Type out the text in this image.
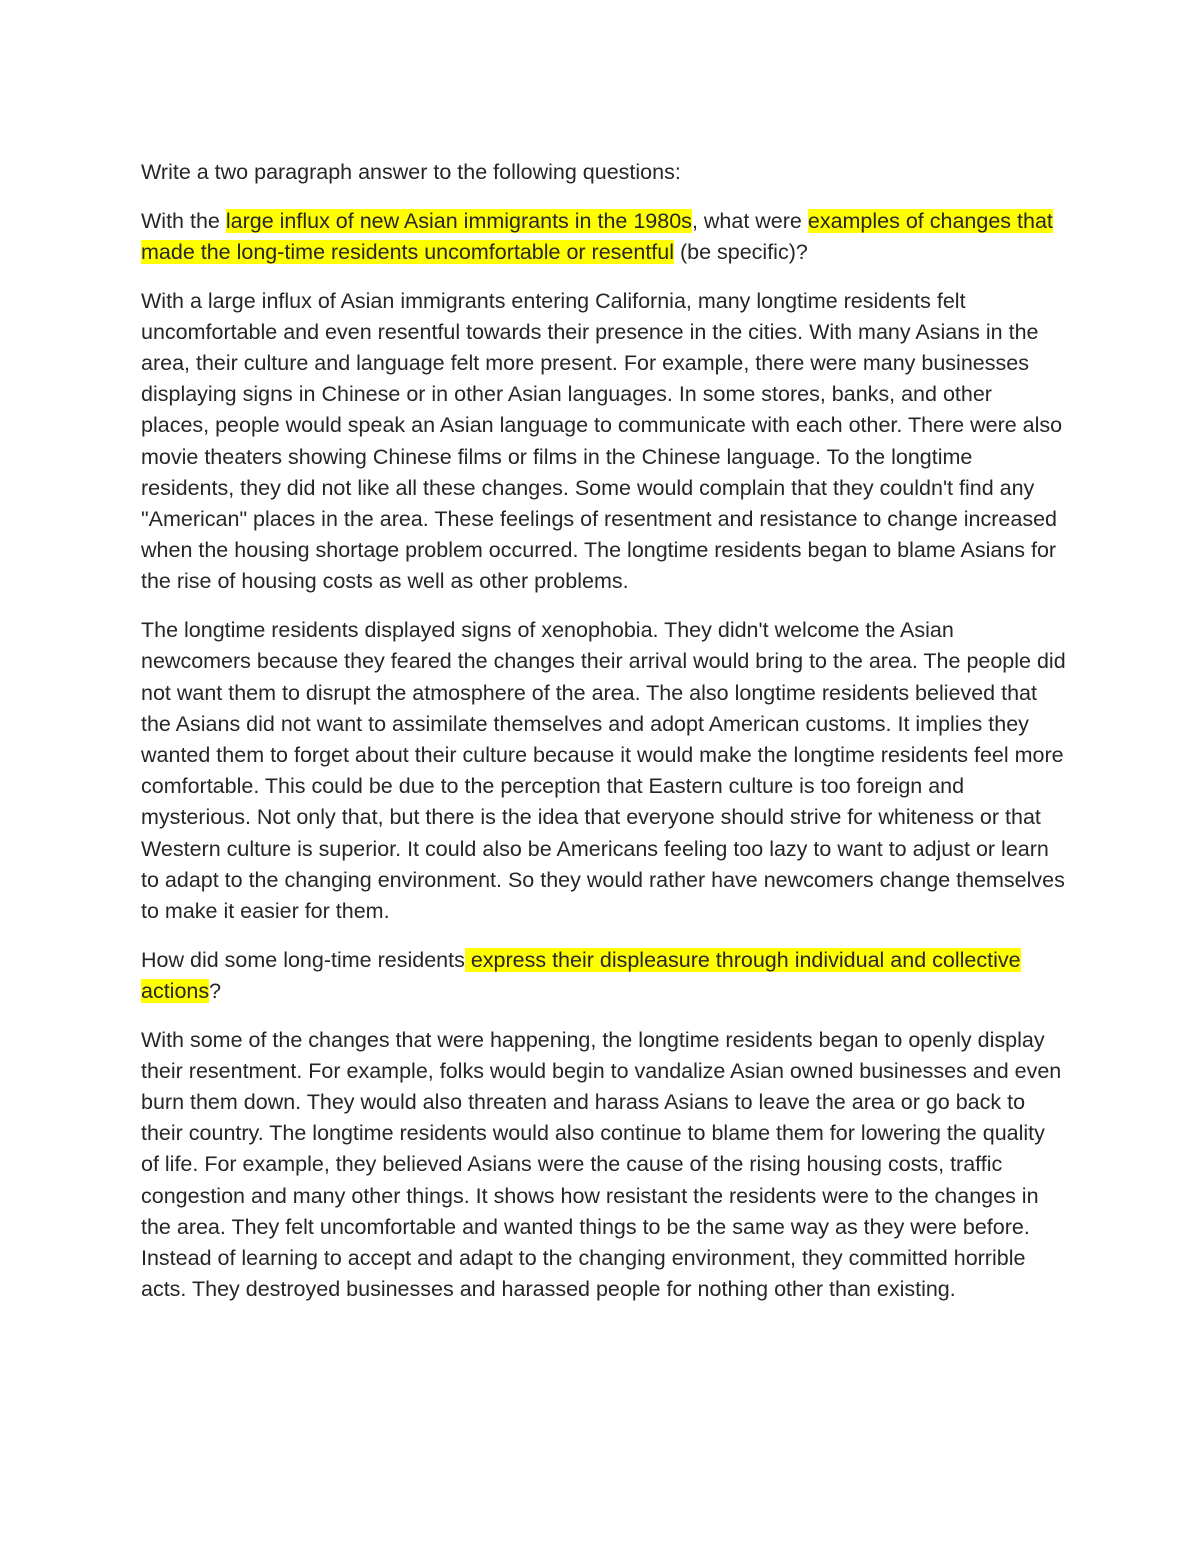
Write a two paragraph answer to the following questions:

With the large influx of new Asian immigrants in the 1980s, what were examples of changes that made the long-time residents uncomfortable or resentful (be specific)?

With a large influx of Asian immigrants entering California, many longtime residents felt uncomfortable and even resentful towards their presence in the cities. With many Asians in the area, their culture and language felt more present. For example, there were many businesses displaying signs in Chinese or in other Asian languages. In some stores, banks, and other places, people would speak an Asian language to communicate with each other. There were also movie theaters showing Chinese films or films in the Chinese language. To the longtime residents, they did not like all these changes. Some would complain that they couldn't find any "American" places in the area. These feelings of resentment and resistance to change increased when the housing shortage problem occurred. The longtime residents began to blame Asians for the rise of housing costs as well as other problems.

The longtime residents displayed signs of xenophobia. They didn't welcome the Asian newcomers because they feared the changes their arrival would bring to the area. The people did not want them to disrupt the atmosphere of the area. The also longtime residents believed that the Asians did not want to assimilate themselves and adopt American customs. It implies they wanted them to forget about their culture because it would make the longtime residents feel more comfortable. This could be due to the perception that Eastern culture is too foreign and mysterious. Not only that, but there is the idea that everyone should strive for whiteness or that Western culture is superior. It could also be Americans feeling too lazy to want to adjust or learn to adapt to the changing environment. So they would rather have newcomers change themselves to make it easier for them.

How did some long-time residents express their displeasure through individual and collective actions?

With some of the changes that were happening, the longtime residents began to openly display their resentment. For example, folks would begin to vandalize Asian owned businesses and even burn them down. They would also threaten and harass Asians to leave the area or go back to their country. The longtime residents would also continue to blame them for lowering the quality of life. For example, they believed Asians were the cause of the rising housing costs, traffic congestion and many other things. It shows how resistant the residents were to the changes in the area. They felt uncomfortable and wanted things to be the same way as they were before. Instead of learning to accept and adapt to the changing environment, they committed horrible acts. They destroyed businesses and harassed people for nothing other than existing.
